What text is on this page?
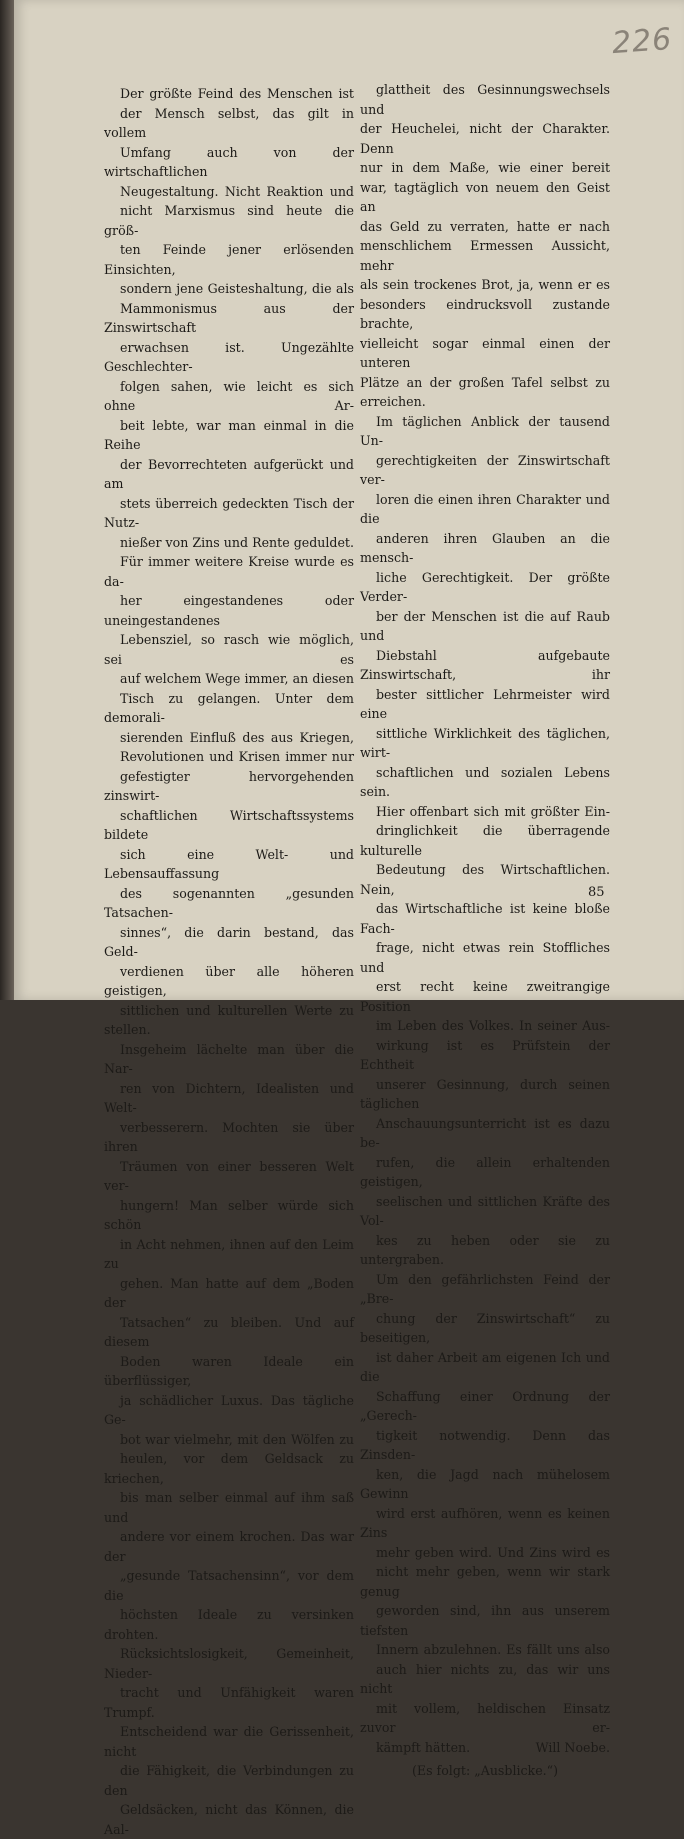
226

Der größte Feind des Menschen ist
der Mensch selbst, das gilt in vollem
Umfang auch von der wirtschaftlichen
Neugestaltung. Nicht Reaktion und
nicht Marxismus sind heute die größ-
ten Feinde jener erlösenden Einsichten,
sondern jene Geisteshaltung, die als
Mammonismus aus der Zinswirtschaft
erwachsen ist. Ungezählte Geschlechter-
folgen sahen, wie leicht es sich ohne Ar-
beit lebte, war man einmal in die Reihe
der Bevorrechteten aufgerückt und am
stets überreich gedeckten Tisch der Nutz-
nießer von Zins und Rente geduldet.
Für immer weitere Kreise wurde es da-
her eingestandenes oder uneingestandenes
Lebensziel, so rasch wie möglich, sei es
auf welchem Wege immer, an diesen
Tisch zu gelangen. Unter dem demorali-
sierenden Einfluß des aus Kriegen,
Revolutionen und Krisen immer nur
gefestigter hervorgehenden zinswirt-
schaftlichen Wirtschaftssystems bildete
sich eine Welt- und Lebensauffassung
des sogenannten „gesunden Tatsachen-
sinnes“, die darin bestand, das Geld-
verdienen über alle höheren geistigen,
sittlichen und kulturellen Werte zu stellen.
Insgeheim lächelte man über die Nar-
ren von Dichtern, Idealisten und Welt-
verbesserern. Mochten sie über ihren
Träumen von einer besseren Welt ver-
hungern! Man selber würde sich schön
in Acht nehmen, ihnen auf den Leim zu
gehen. Man hatte auf dem „Boden der
Tatsachen“ zu bleiben. Und auf diesem
Boden waren Ideale ein überflüssiger,
ja schädlicher Luxus. Das tägliche Ge-
bot war vielmehr, mit den Wölfen zu
heulen, vor dem Geldsack zu kriechen,
bis man selber einmal auf ihm saß und
andere vor einem krochen. Das war der
„gesunde Tatsachensinn“, vor dem die
höchsten Ideale zu versinken drohten.
Rücksichtslosigkeit, Gemeinheit, Nieder-
tracht und Unfähigkeit waren Trumpf.
Entscheidend war die Gerissenheit, nicht
die Fähigkeit, die Verbindungen zu den
Geldsäcken, nicht das Können, die Aal-

glattheit des Gesinnungswechsels und
der Heuchelei, nicht der Charakter. Denn
nur in dem Maße, wie einer bereit
war, tagtäglich von neuem den Geist an
das Geld zu verraten, hatte er nach
menschlichem Ermessen Aussicht, mehr
als sein trockenes Brot, ja, wenn er es
besonders eindrucksvoll zustande brachte,
vielleicht sogar einmal einen der unteren
Plätze an der großen Tafel selbst zu
erreichen.

Im täglichen Anblick der tausend Un-
gerechtigkeiten der Zinswirtschaft ver-
loren die einen ihren Charakter und die
anderen ihren Glauben an die mensch-
liche Gerechtigkeit. Der größte Verder-
ber der Menschen ist die auf Raub und
Diebstahl aufgebaute Zinswirtschaft, ihr
bester sittlicher Lehrmeister wird eine
sittliche Wirklichkeit des täglichen, wirt-
schaftlichen und sozialen Lebens sein.
Hier offenbart sich mit größter Ein-
dringlichkeit die überragende kulturelle
Bedeutung des Wirtschaftlichen. Nein,
das Wirtschaftliche ist keine bloße Fach-
frage, nicht etwas rein Stoffliches und
erst recht keine zweitrangige Position
im Leben des Volkes. In seiner Aus-
wirkung ist es Prüfstein der Echtheit
unserer Gesinnung, durch seinen täglichen
Anschauungsunterricht ist es dazu be-
rufen, die allein erhaltenden geistigen,
seelischen und sittlichen Kräfte des Vol-
kes zu heben oder sie zu untergraben.
Um den gefährlichsten Feind der „Bre-
chung der Zinswirtschaft“ zu beseitigen,
ist daher Arbeit am eigenen Ich und die
Schaffung einer Ordnung der „Gerech-
tigkeit notwendig. Denn das Zinsden-
ken, die Jagd nach mühelosem Gewinn
wird erst aufhören, wenn es keinen Zins
mehr geben wird. Und Zins wird es
nicht mehr geben, wenn wir stark genug
geworden sind, ihn aus unserem tiefsten
Innern abzulehnen. Es fällt uns also
auch hier nichts zu, das wir uns nicht
mit vollem, heldischen Einsatz zuvor er-
kämpft hätten.	Will Noebe.

(Es folgt: „Ausblicke.“)
85
